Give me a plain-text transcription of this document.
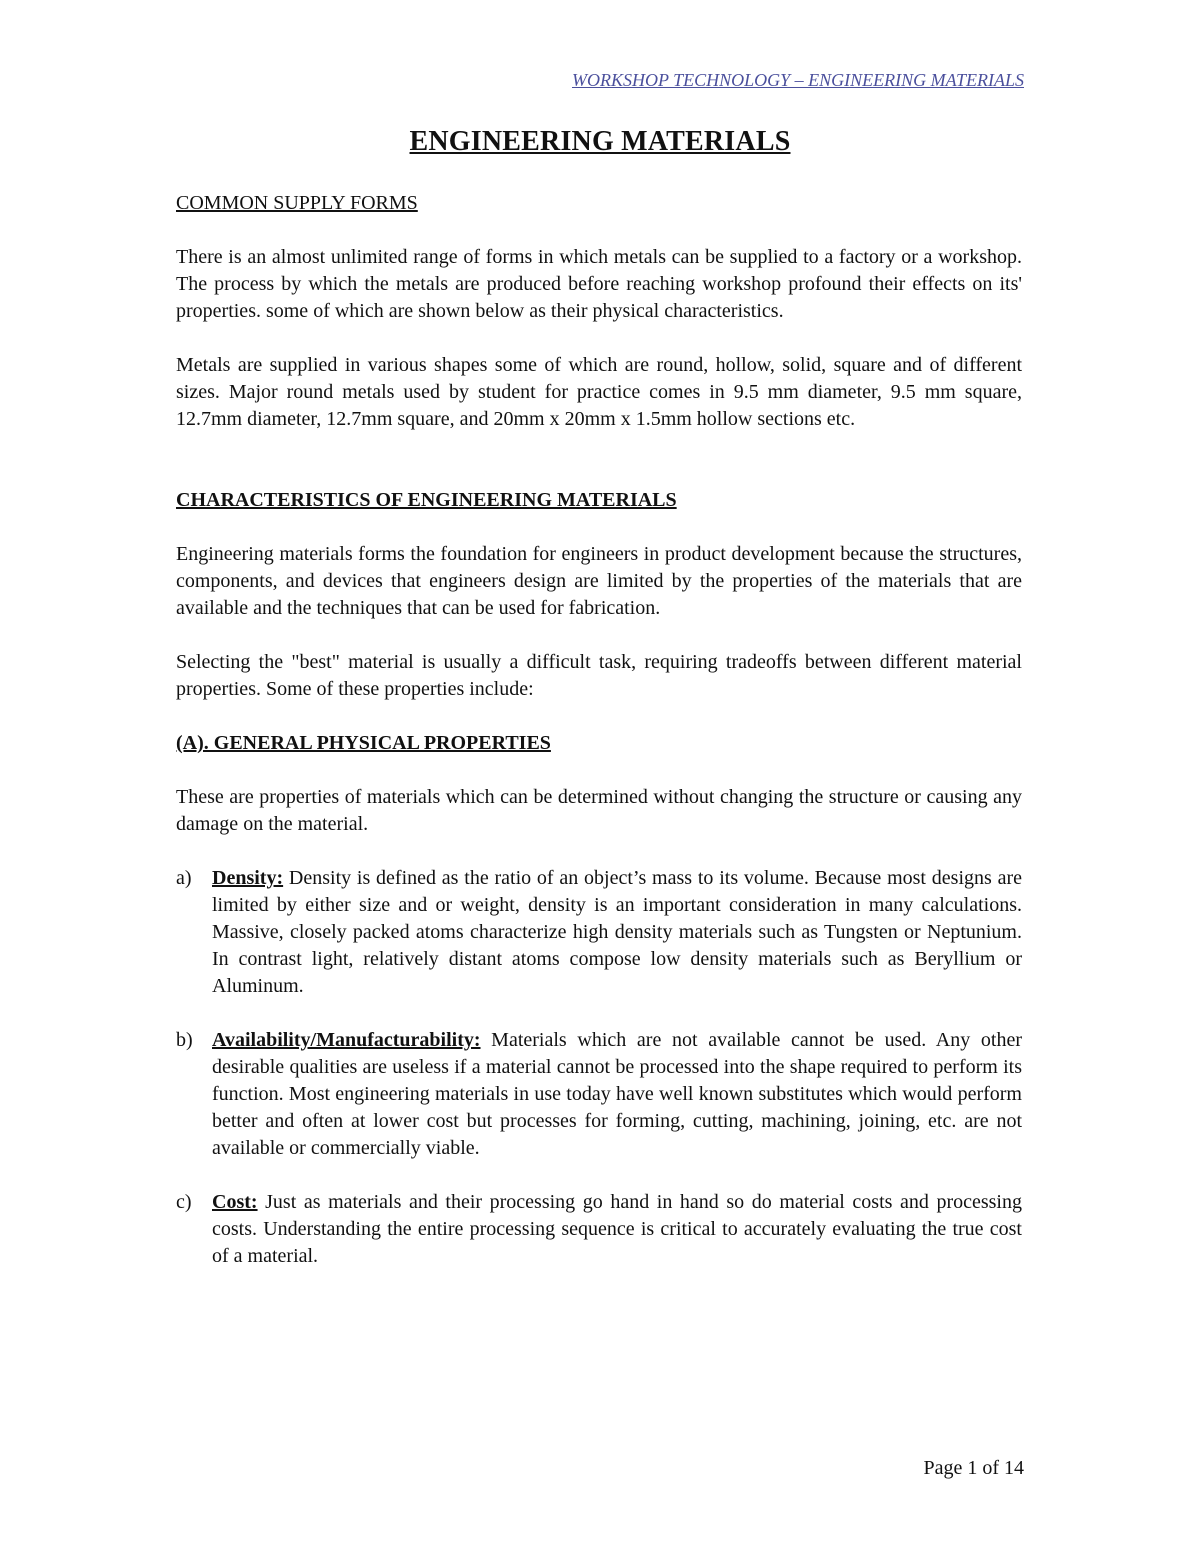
WORKSHOP TECHNOLOGY – ENGINEERING MATERIALS
ENGINEERING MATERIALS
COMMON SUPPLY FORMS

There is an almost unlimited range of forms in which metals can be supplied to a factory or a workshop. The process by which the metals are produced before reaching workshop profound their effects on its' properties. some of which are shown below as their physical characteristics.

Metals are supplied in various shapes some of which are round, hollow, solid, square and of different sizes. Major round metals used by student for practice comes in 9.5 mm diameter, 9.5 mm square, 12.7mm diameter, 12.7mm square, and 20mm x 20mm x 1.5mm hollow sections etc.

CHARACTERISTICS OF ENGINEERING MATERIALS

Engineering materials forms the foundation for engineers in product development because the structures, components, and devices that engineers design are limited by the properties of the materials that are available and the techniques that can be used for fabrication.

Selecting the "best" material is usually a difficult task, requiring tradeoffs between different material properties. Some of these properties include:

(A). GENERAL PHYSICAL PROPERTIES

These are properties of materials which can be determined without changing the structure or causing any damage on the material.

a) Density: Density is defined as the ratio of an object’s mass to its volume. Because most designs are limited by either size and or weight, density is an important consideration in many calculations. Massive, closely packed atoms characterize high density materials such as Tungsten or Neptunium. In contrast light, relatively distant atoms compose low density materials such as Beryllium or Aluminum.
b) Availability/Manufacturability: Materials which are not available cannot be used. Any other desirable qualities are useless if a material cannot be processed into the shape required to perform its function. Most engineering materials in use today have well known substitutes which would perform better and often at lower cost but processes for forming, cutting, machining, joining, etc. are not available or commercially viable.
c) Cost: Just as materials and their processing go hand in hand so do material costs and processing costs. Understanding the entire processing sequence is critical to accurately evaluating the true cost of a material.
Page 1 of 14
